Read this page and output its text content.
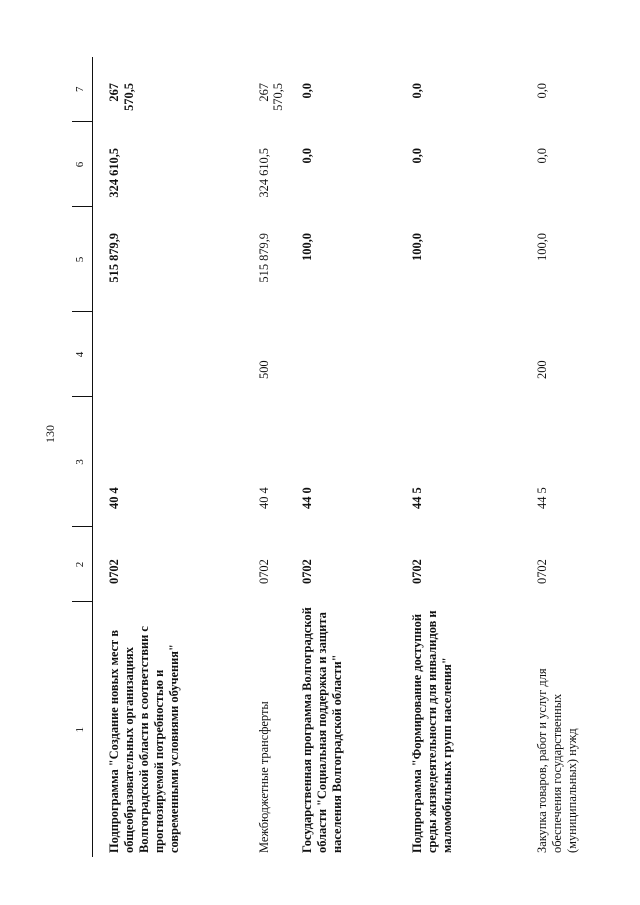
130
1	2	3	4	5	6	7
Подпрограмма "Создание новых мест в общеобразовательных организациях Волгоградской области в соответствии с прогнозируемой потребностью и современными условиями обучения"	0702	40 4		515 879,9	324 610,5	267 570,5
Межбюджетные трансферты	0702	40 4	500	515 879,9	324 610,5	267 570,5
Государственная программа Волгоградской области "Социальная поддержка и защита населения Волгоградской области"	0702	44 0		100,0	0,0	0,0
Подпрограмма "Формирование доступной среды жизнедеятельности для инвалидов и маломобильных групп населения"	0702	44 5		100,0	0,0	0,0
Закупка товаров, работ и услуг для обеспечения государственных (муниципальных) нужд	0702	44 5	200	100,0	0,0	0,0
